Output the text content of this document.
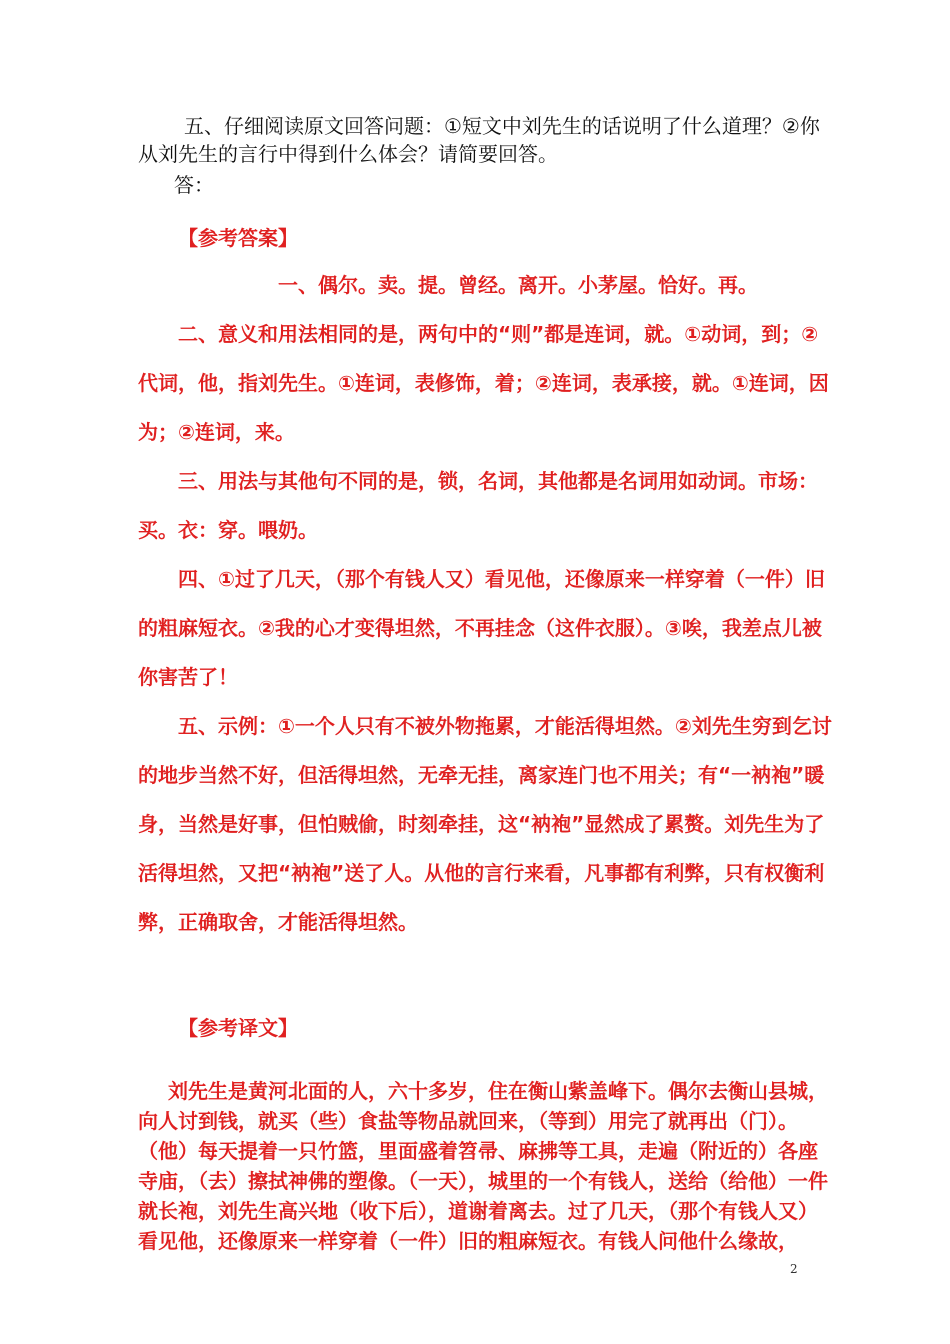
五、仔细阅读原文回答问题：①短文中刘先生的话说明了什么道理？②你从刘先生的言行中得到什么体会？请简要回答。

答：

【参考答案】

一、偶尔。卖。提。曾经。离开。小茅屋。恰好。再。

二、意义和用法相同的是，两句中的“则”都是连词，就。①动词，到；②代词，他，指刘先生。①连词，表修饰，着；②连词，表承接，就。①连词，因为；②连词，来。

三、用法与其他句不同的是，锁，名词，其他都是名词用如动词。市场：买。衣：穿。喂奶。

四、①过了几天，（那个有钱人又）看见他，还像原来一样穿着（一件）旧的粗麻短衣。②我的心才变得坦然，不再挂念（这件衣服）。③唉，我差点儿被你害苦了！

五、示例：①一个人只有不被外物拖累，才能活得坦然。②刘先生穷到乞讨的地步当然不好，但活得坦然，无牵无挂，离家连门也不用关；有“一衲袍”暖身，当然是好事，但怕贼偷，时刻牵挂，这“衲袍”显然成了累赘。刘先生为了活得坦然，又把“衲袍”送了人。从他的言行来看，凡事都有利弊，只有权衡利弊，正确取舍，才能活得坦然。

【参考译文】

刘先生是黄河北面的人，六十多岁，住在衡山紫盖峰下。偶尔去衡山县城，向人讨到钱，就买（些）食盐等物品就回来，（等到）用完了就再出（门）。（他）每天提着一只竹篮，里面盛着笤帚、麻拂等工具，走遍（附近的）各座寺庙，（去）擦拭神佛的塑像。（一天），城里的一个有钱人，送给（给他）一件就长袍，刘先生高兴地（收下后），道谢着离去。过了几天，（那个有钱人又）看见他，还像原来一样穿着（一件）旧的粗麻短衣。有钱人问他什么缘故，

2
